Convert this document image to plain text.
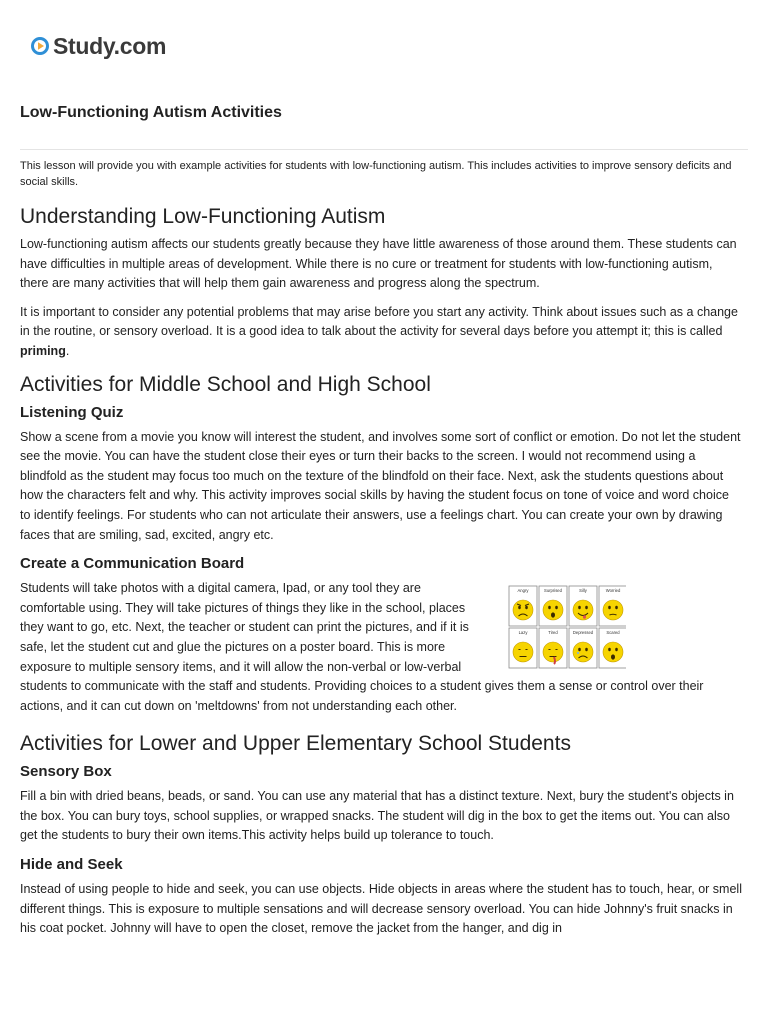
Study.com
Low-Functioning Autism Activities

This lesson will provide you with example activities for students with low-functioning autism. This includes activities to improve sensory deficits and social skills.

Understanding Low-Functioning Autism

Low-functioning autism affects our students greatly because they have little awareness of those around them. These students can have difficulties in multiple areas of development. While there is no cure or treatment for students with low-functioning autism, there are many activities that will help them gain awareness and progress along the spectrum.

It is important to consider any potential problems that may arise before you start any activity. Think about issues such as a change in the routine, or sensory overload. It is a good idea to talk about the activity for several days before you attempt it; this is called priming.

Activities for Middle School and High School
Listening Quiz

Show a scene from a movie you know will interest the student, and involves some sort of conflict or emotion. Do not let the student see the movie. You can have the student close their eyes or turn their backs to the screen. I would not recommend using a blindfold as the student may focus too much on the texture of the blindfold on their face. Next, ask the students questions about how the characters felt and why. This activity improves social skills by having the student focus on tone of voice and word choice to identify feelings. For students who can not articulate their answers, use a feelings chart. You can create your own by drawing faces that are smiling, sad, excited, angry etc.

Create a Communication Board
Angry	Surprised	Silly	Worried
Lazy	Tired	Depressed	Scared

Students will take photos with a digital camera, Ipad, or any tool they are comfortable using. They will take pictures of things they like in the school, places they want to go, etc. Next, the teacher or student can print the pictures, and if it is safe, let the student cut and glue the pictures on a poster board. This is more exposure to multiple sensory items, and it will allow the non-verbal or low-verbal students to communicate with the staff and students. Providing choices to a student gives them a sense or control over their actions, and it can cut down on 'meltdowns' from not understanding each other.

Activities for Lower and Upper Elementary School Students
Sensory Box

Fill a bin with dried beans, beads, or sand. You can use any material that has a distinct texture. Next, bury the student's objects in the box. You can bury toys, school supplies, or wrapped snacks. The student will dig in the box to get the items out. You can also get the students to bury their own items.This activity helps build up tolerance to touch.

Hide and Seek

Instead of using people to hide and seek, you can use objects. Hide objects in areas where the student has to touch, hear, or smell different things. This is exposure to multiple sensations and will decrease sensory overload. You can hide Johnny's fruit snacks in his coat pocket. Johnny will have to open the closet, remove the jacket from the hanger, and dig in
